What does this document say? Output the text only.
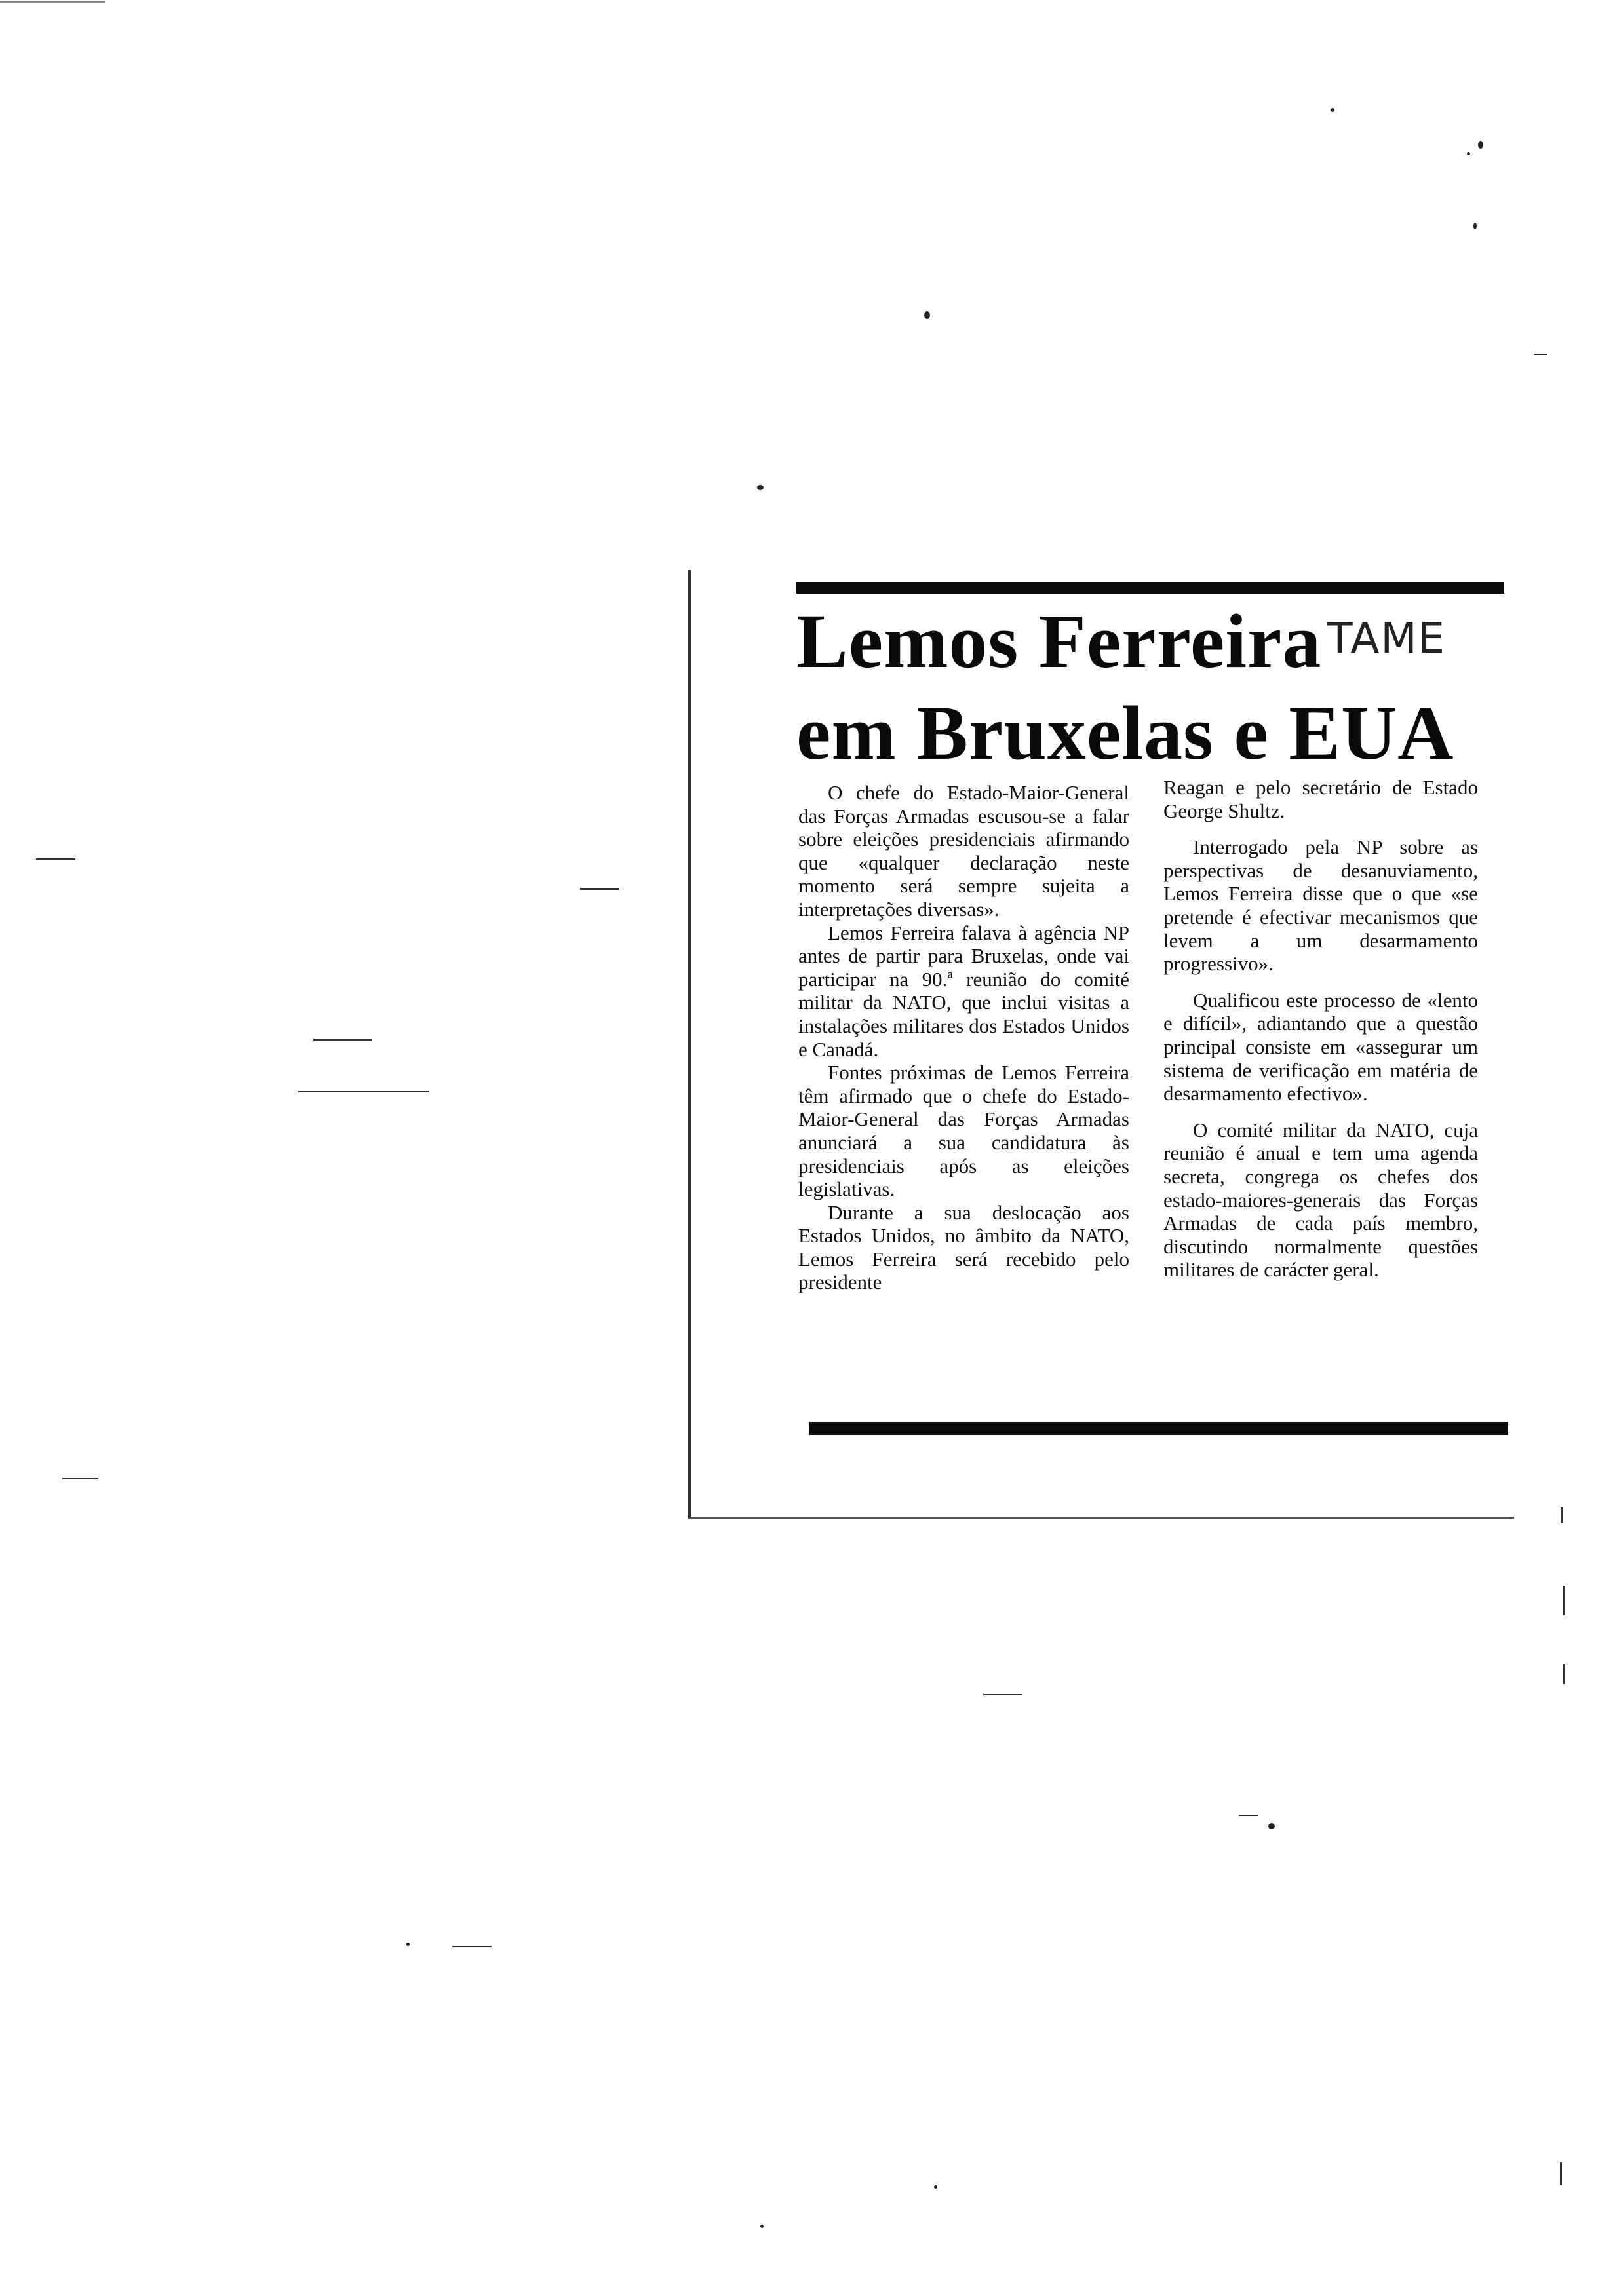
Lemos Ferreira TAME
em Bruxelas e EUA

O chefe do Estado-Maior-General das Forças Armadas escusou-se a falar sobre eleições presidenciais afirmando que «qualquer declaração neste momento será sempre sujeita a interpretações diversas».

Lemos Ferreira falava à agência NP antes de partir para Bruxelas, onde vai participar na 90.ª reunião do comité militar da NATO, que inclui visitas a instalações militares dos Estados Unidos e Canadá.

Fontes próximas de Lemos Ferreira têm afirmado que o chefe do Estado-Maior-General das Forças Armadas anunciará a sua candidatura às presidenciais após as eleições legislativas.

Durante a sua deslocação aos Estados Unidos, no âmbito da NATO, Lemos Ferreira será recebido pelo presidente

Reagan e pelo secretário de Estado George Shultz.

Interrogado pela NP sobre as perspectivas de desanuviamento, Lemos Ferreira disse que o que «se pretende é efectivar mecanismos que levem a um desarmamento progressivo».

Qualificou este processo de «lento e difícil», adiantando que a questão principal consiste em «assegurar um sistema de verificação em matéria de desarmamento efectivo».

O comité militar da NATO, cuja reunião é anual e tem uma agenda secreta, congrega os chefes dos estado-maiores-generais das Forças Armadas de cada país membro, discutindo normalmente questões militares de carácter geral.
